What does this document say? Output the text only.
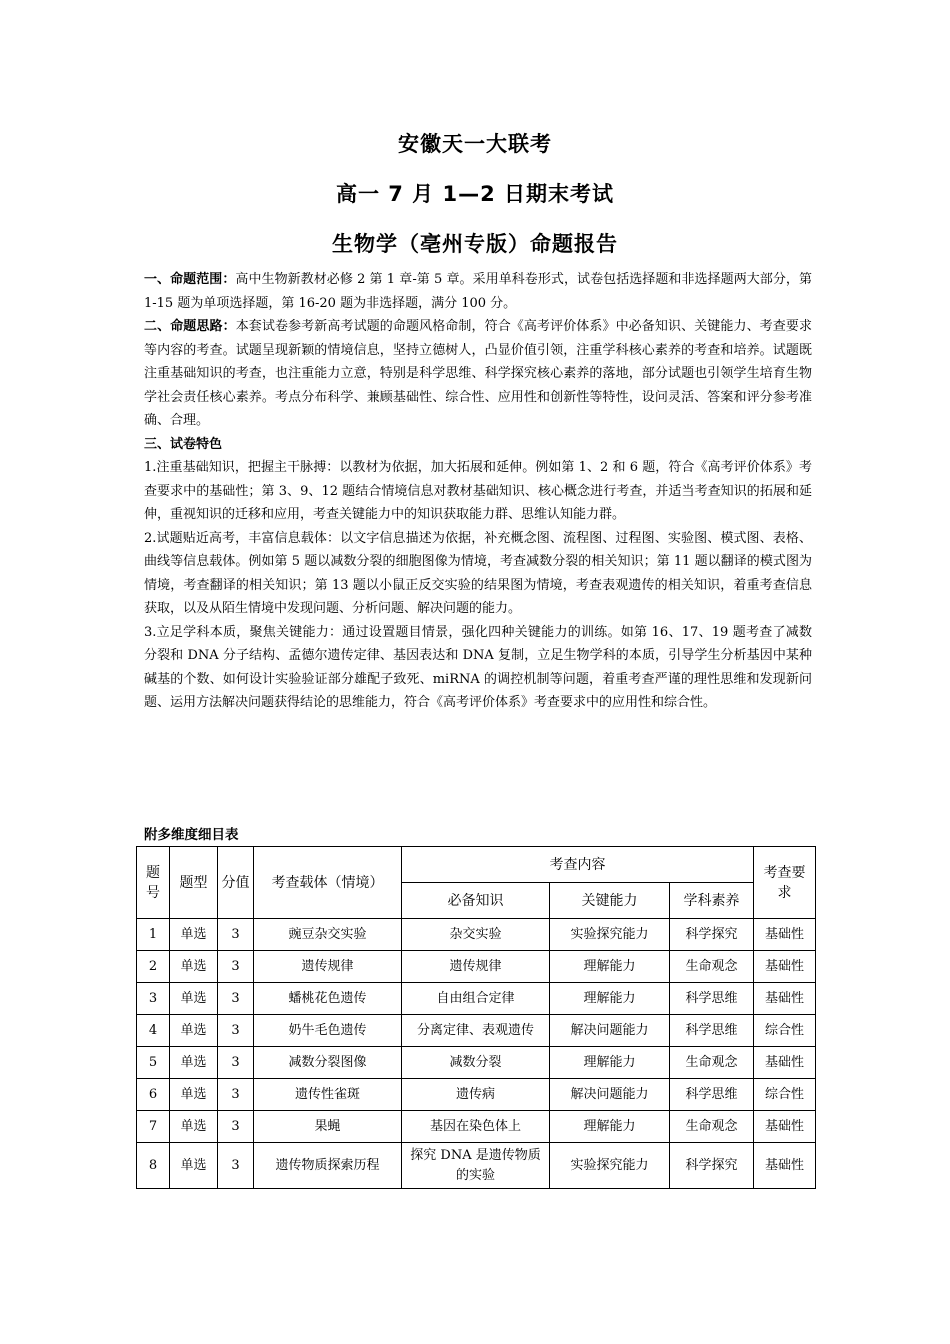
安徽天一大联考
高一 7 月 1—2 日期末考试
生物学（亳州专版）命题报告

一、命题范围：高中生物新教材必修 2 第 1 章-第 5 章。采用单科卷形式，试卷包括选择题和非选择题两大部分，第 1-15 题为单项选择题，第 16-20 题为非选择题，满分 100 分。

二、命题思路：本套试卷参考新高考试题的命题风格命制，符合《高考评价体系》中必备知识、关键能力、考查要求等内容的考查。试题呈现新颖的情境信息，坚持立德树人，凸显价值引领，注重学科核心素养的考查和培养。试题既注重基础知识的考查，也注重能力立意，特别是科学思维、科学探究核心素养的落地，部分试题也引领学生培育生物学社会责任核心素养。考点分布科学、兼顾基础性、综合性、应用性和创新性等特性，设问灵活、答案和评分参考准确、合理。

三、试卷特色

1.注重基础知识，把握主干脉搏：以教材为依据，加大拓展和延伸。例如第 1、2 和 6 题，符合《高考评价体系》考查要求中的基础性；第 3、9、12 题结合情境信息对教材基础知识、核心概念进行考查，并适当考查知识的拓展和延伸，重视知识的迁移和应用，考查关键能力中的知识获取能力群、思维认知能力群。

2.试题贴近高考，丰富信息载体：以文字信息描述为依据，补充概念图、流程图、过程图、实验图、模式图、表格、曲线等信息载体。例如第 5 题以减数分裂的细胞图像为情境，考查减数分裂的相关知识；第 11 题以翻译的模式图为情境，考查翻译的相关知识；第 13 题以小鼠正反交实验的结果图为情境，考查表观遗传的相关知识，着重考查信息获取，以及从陌生情境中发现问题、分析问题、解决问题的能力。

3.立足学科本质，聚焦关键能力：通过设置题目情景，强化四种关键能力的训练。如第 16、17、19 题考查了减数分裂和 DNA 分子结构、孟德尔遗传定律、基因表达和 DNA 复制，立足生物学科的本质，引导学生分析基因中某种碱基的个数、如何设计实验验证部分雄配子致死、miRNA 的调控机制等问题，着重考查严谨的理性思维和发现新问题、运用方法解决问题获得结论的思维能力，符合《高考评价体系》考查要求中的应用性和综合性。

附多维度细目表
题号	题型	分值	考查载体（情境）	考查内容			考查要求
				必备知识	关键能力	学科素养	
1	单选	3	豌豆杂交实验	杂交实验	实验探究能力	科学探究	基础性
2	单选	3	遗传规律	遗传规律	理解能力	生命观念	基础性
3	单选	3	蟠桃花色遗传	自由组合定律	理解能力	科学思维	基础性
4	单选	3	奶牛毛色遗传	分离定律、表观遗传	解决问题能力	科学思维	综合性
5	单选	3	减数分裂图像	减数分裂	理解能力	生命观念	基础性
6	单选	3	遗传性雀斑	遗传病	解决问题能力	科学思维	综合性
7	单选	3	果蝇	基因在染色体上	理解能力	生命观念	基础性
8	单选	3	遗传物质探索历程	探究 DNA 是遗传物质的实验	实验探究能力	科学探究	基础性
